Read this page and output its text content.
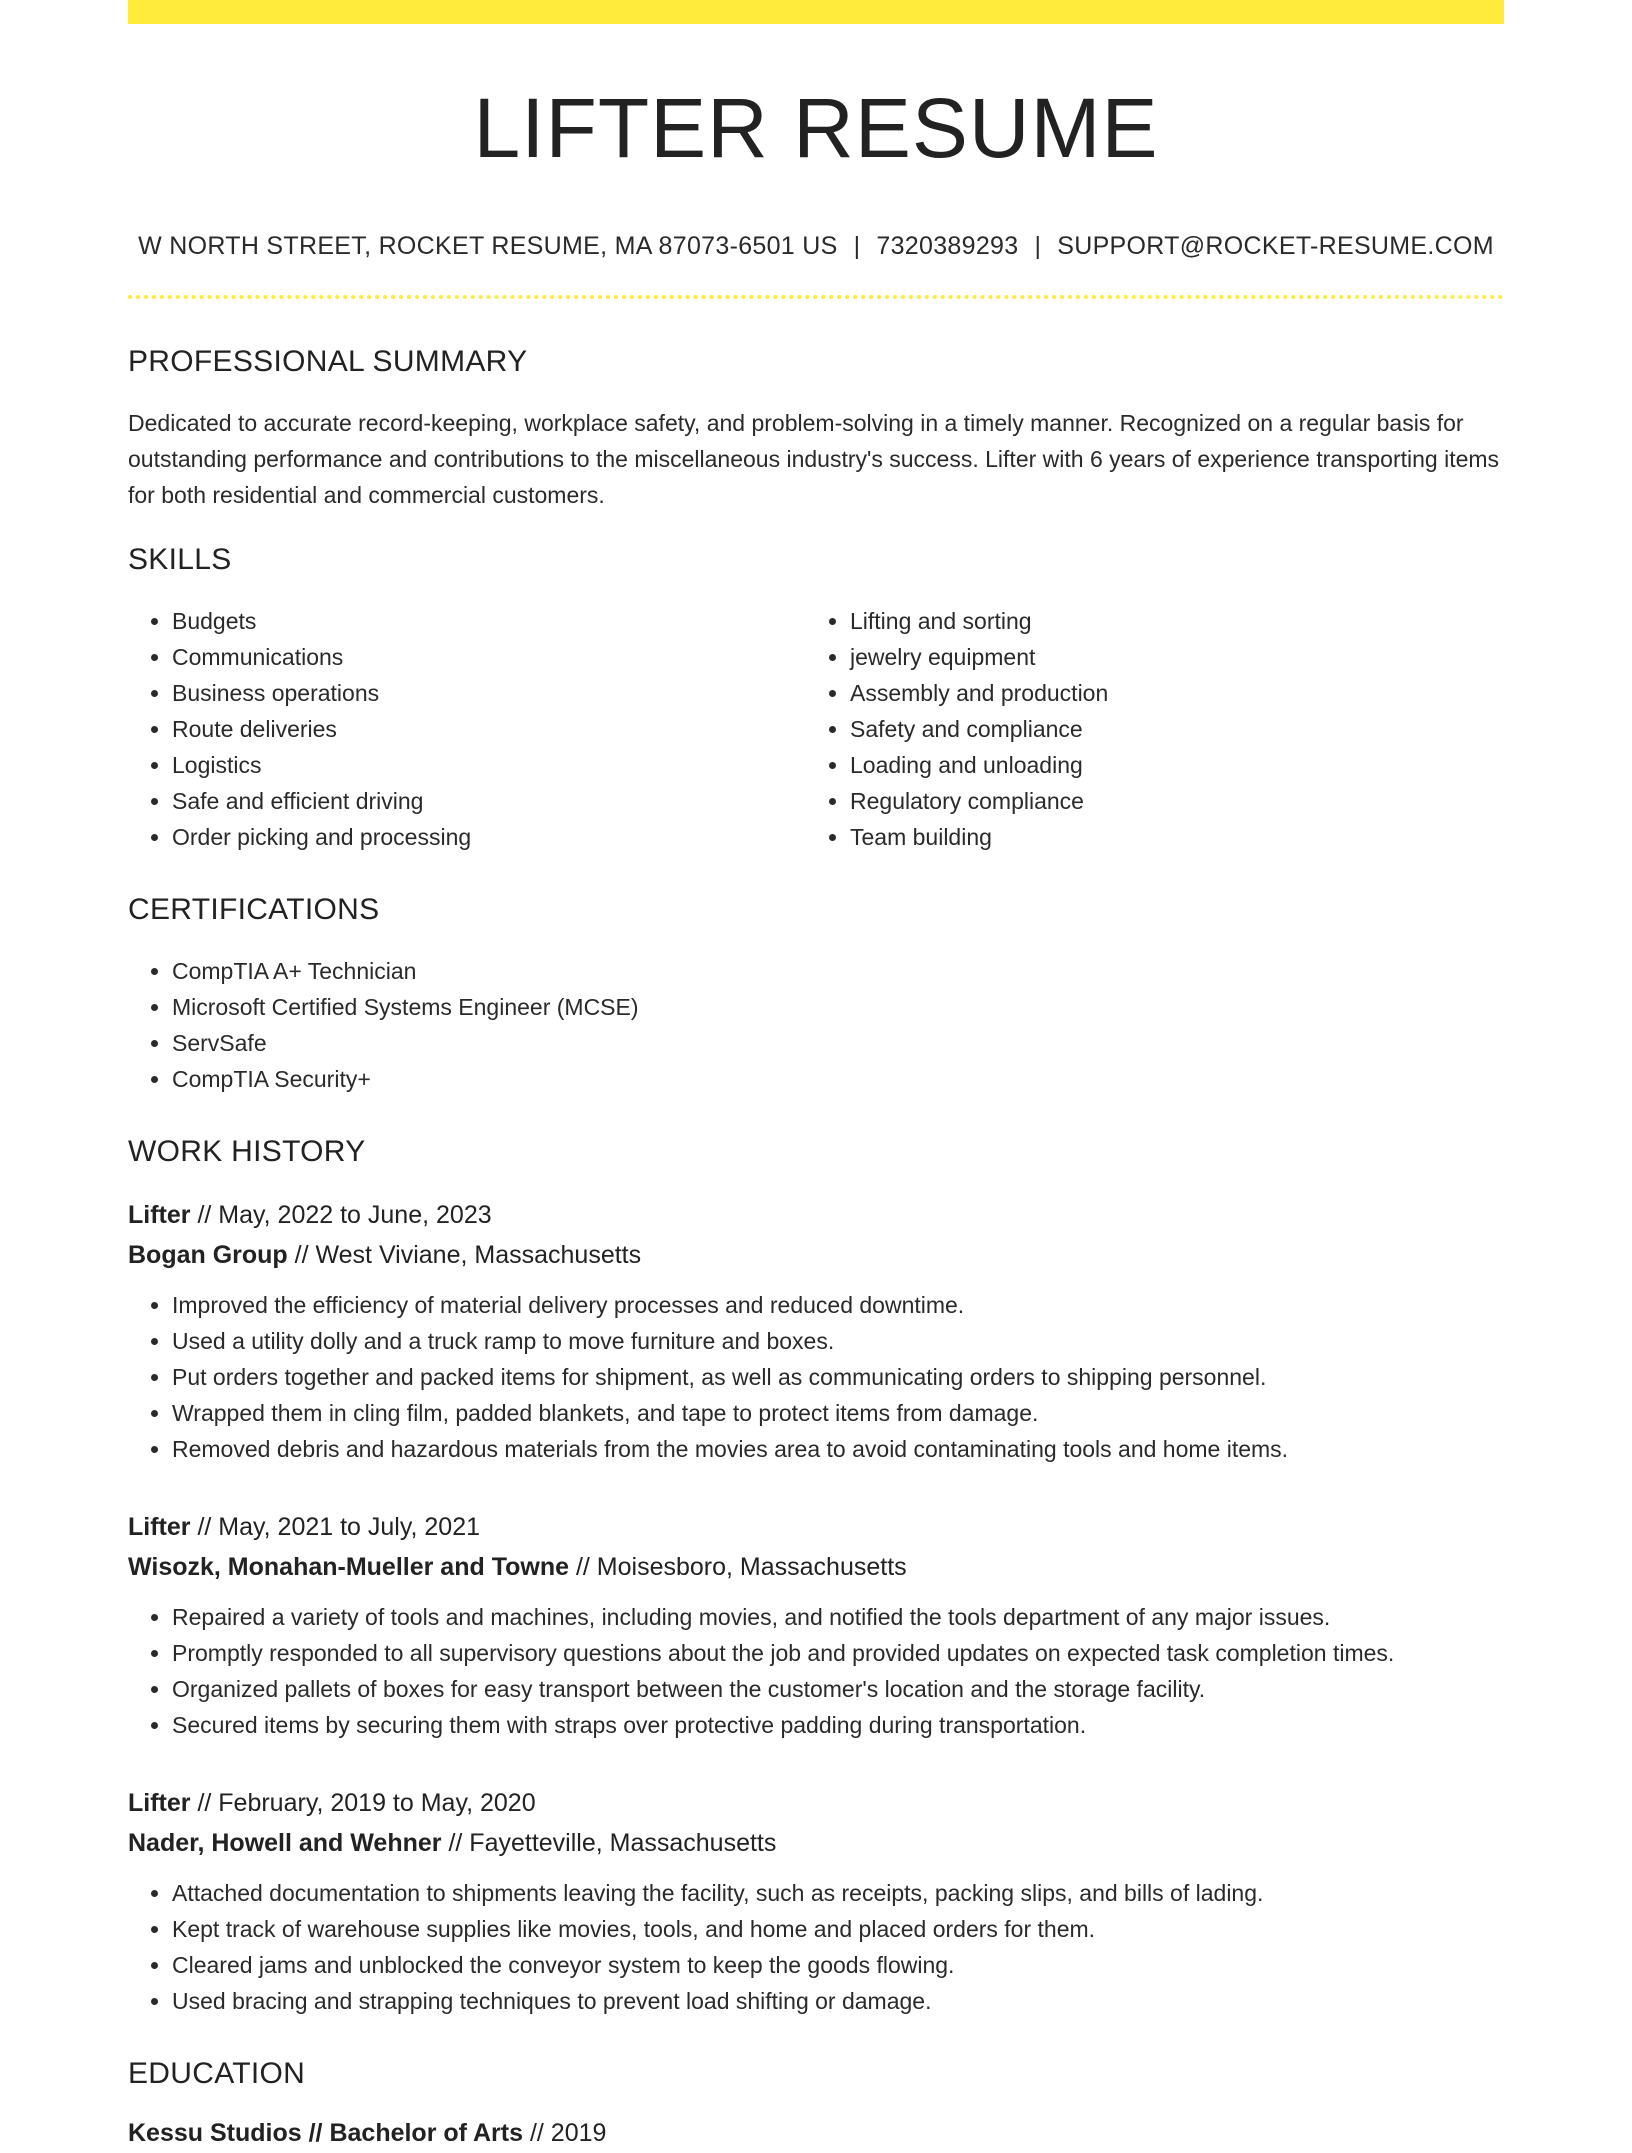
LIFTER RESUME
W NORTH STREET, ROCKET RESUME, MA 87073-6501 US | 7320389293 | SUPPORT@ROCKET-RESUME.COM
PROFESSIONAL SUMMARY

Dedicated to accurate record-keeping, workplace safety, and problem-solving in a timely manner. Recognized on a regular basis for outstanding performance and contributions to the miscellaneous industry's success. Lifter with 6 years of experience transporting items for both residential and commercial customers.

SKILLS
• Budgets
• Communications
• Business operations
• Route deliveries
• Logistics
• Safe and efficient driving
• Order picking and processing
• Lifting and sorting
• jewelry equipment
• Assembly and production
• Safety and compliance
• Loading and unloading
• Regulatory compliance
• Team building
CERTIFICATIONS
• CompTIA A+ Technician
• Microsoft Certified Systems Engineer (MCSE)
• ServSafe
• CompTIA Security+
WORK HISTORY
Lifter // May, 2022 to June, 2023
Bogan Group // West Viviane, Massachusetts
• Improved the efficiency of material delivery processes and reduced downtime.
• Used a utility dolly and a truck ramp to move furniture and boxes.
• Put orders together and packed items for shipment, as well as communicating orders to shipping personnel.
• Wrapped them in cling film, padded blankets, and tape to protect items from damage.
• Removed debris and hazardous materials from the movies area to avoid contaminating tools and home items.
Lifter // May, 2021 to July, 2021
Wisozk, Monahan-Mueller and Towne // Moisesboro, Massachusetts
• Repaired a variety of tools and machines, including movies, and notified the tools department of any major issues.
• Promptly responded to all supervisory questions about the job and provided updates on expected task completion times.
• Organized pallets of boxes for easy transport between the customer's location and the storage facility.
• Secured items by securing them with straps over protective padding during transportation.
Lifter // February, 2019 to May, 2020
Nader, Howell and Wehner // Fayetteville, Massachusetts
• Attached documentation to shipments leaving the facility, such as receipts, packing slips, and bills of lading.
• Kept track of warehouse supplies like movies, tools, and home and placed orders for them.
• Cleared jams and unblocked the conveyor system to keep the goods flowing.
• Used bracing and strapping techniques to prevent load shifting or damage.
EDUCATION
Kessu Studios // Bachelor of Arts // 2019
